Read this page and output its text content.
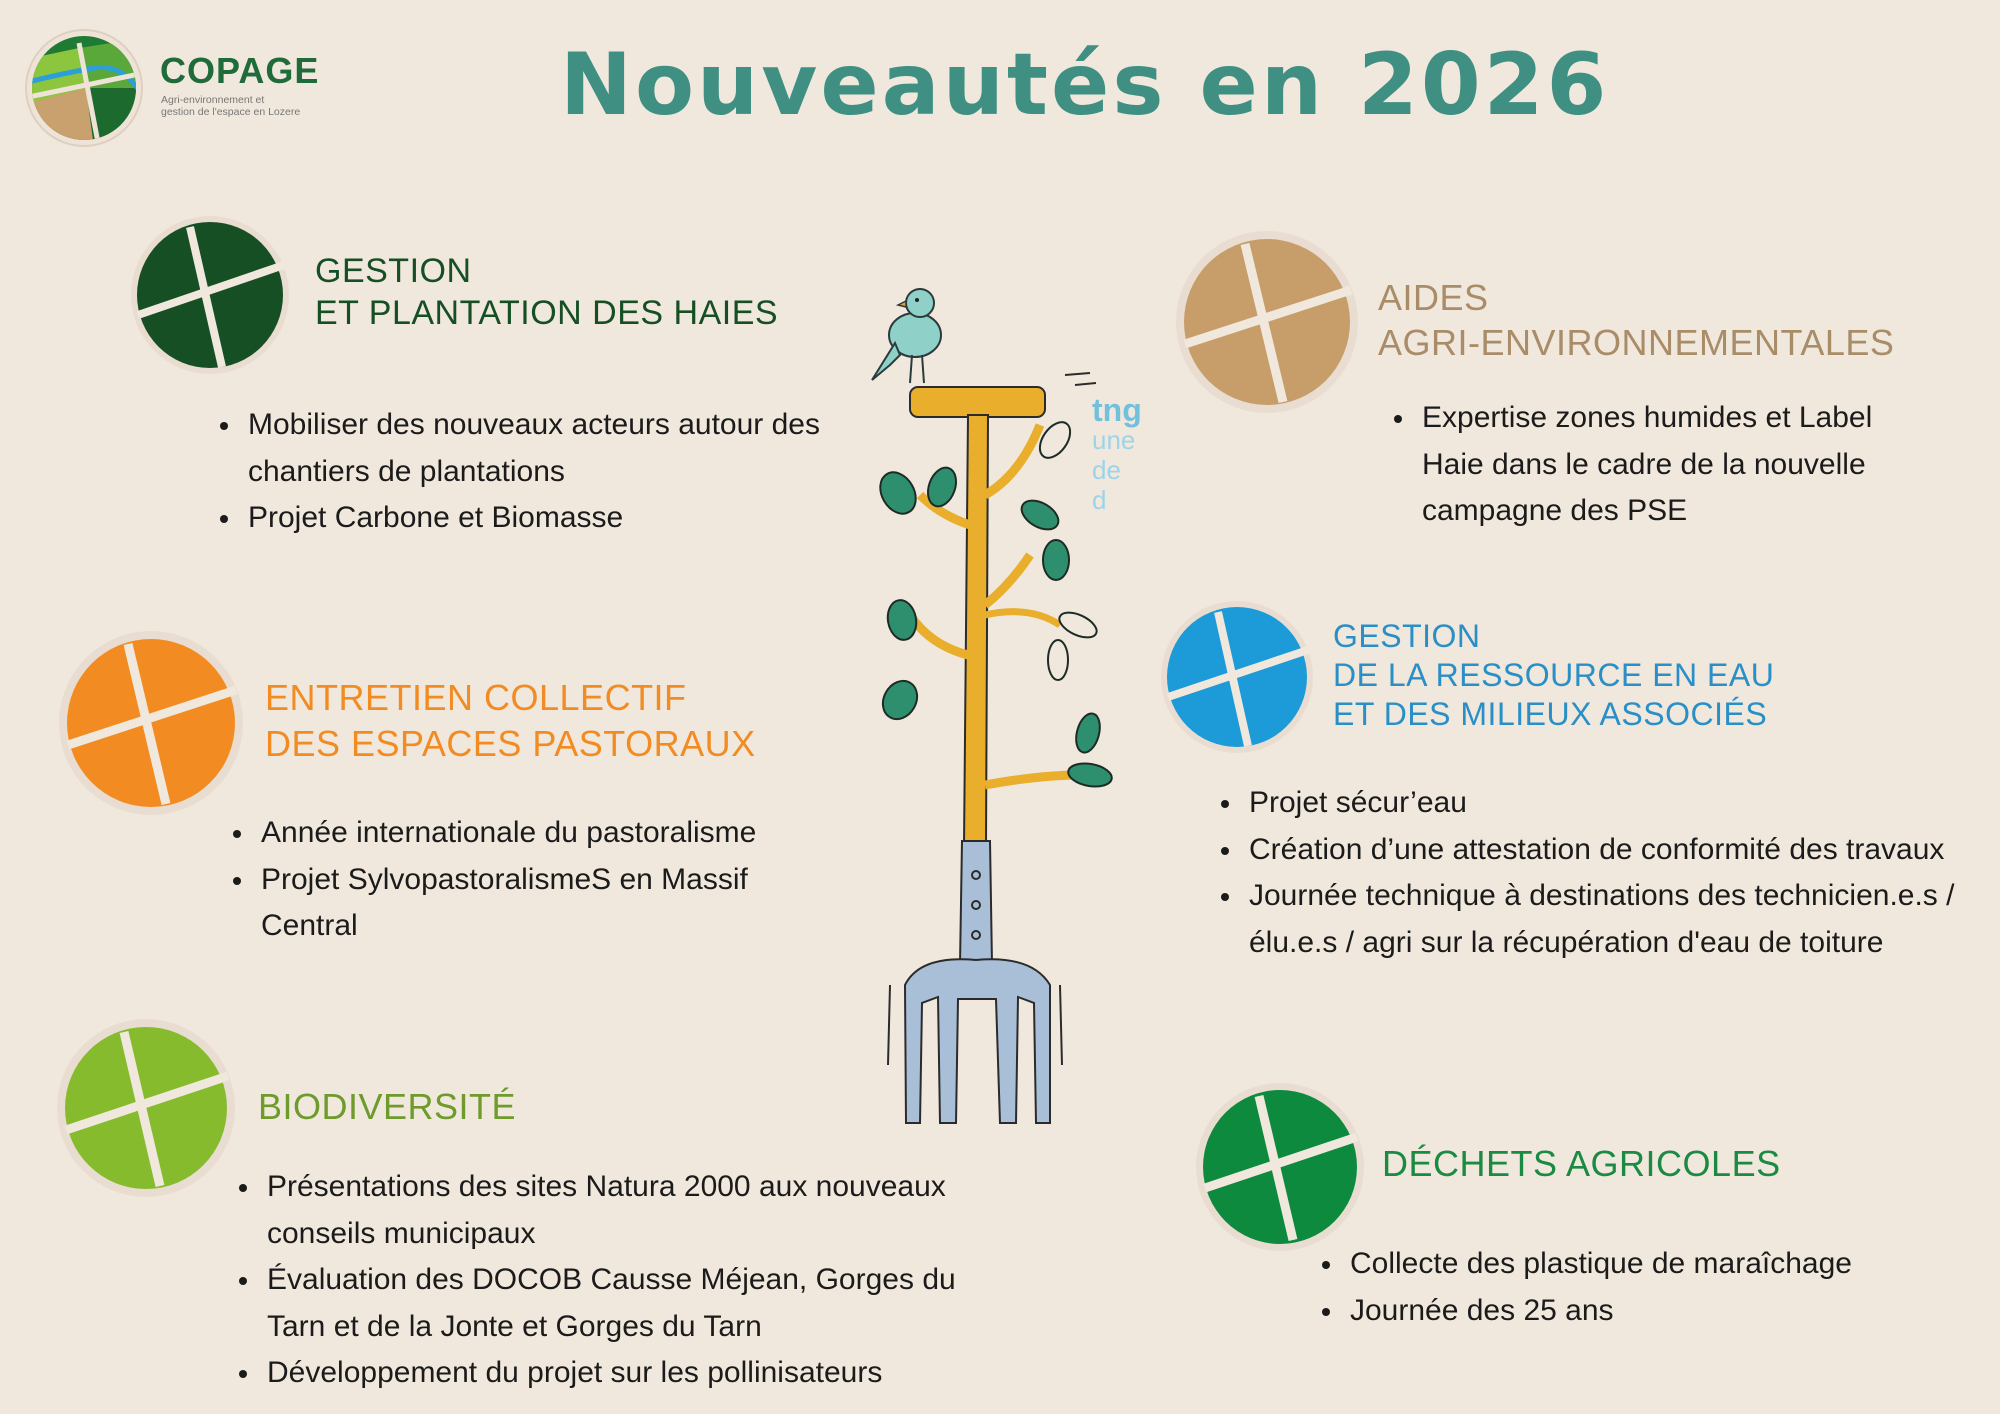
COPAGE
Agri-environnement et gestion de l'espace en Lozere	Nouveautés en 2026
GESTION
ET PLANTATION DES HAIES
Mobiliser des nouveaux acteurs autour des chantiers de plantations
Projet Carbone et Biomasse
ENTRETIEN COLLECTIF
DES ESPACES PASTORAUX
Année internationale du pastoralisme
Projet SylvopastoralismeS en Massif Central
BIODIVERSITÉ
Présentations des sites Natura 2000 aux nouveaux conseils municipaux
Évaluation des DOCOB Causse Méjean, Gorges du Tarn et de la Jonte et Gorges du Tarn
Développement du projet sur les pollinisateurs
AIDES
AGRI-ENVIRONNEMENTALES
Expertise zones humides et Label Haie dans le cadre de la nouvelle campagne des PSE
GESTION
DE LA RESSOURCE EN EAU
ET DES MILIEUX ASSOCIÉS
Projet sécur’eau
Création d’une attestation de conformité des travaux
Journée technique à destinations des technicien.e.s / élu.e.s / agri sur la récupération d'eau de toiture
DÉCHETS AGRICOLES
Collecte des plastique de maraîchage
Journée des 25 ans
tng
une
de d
